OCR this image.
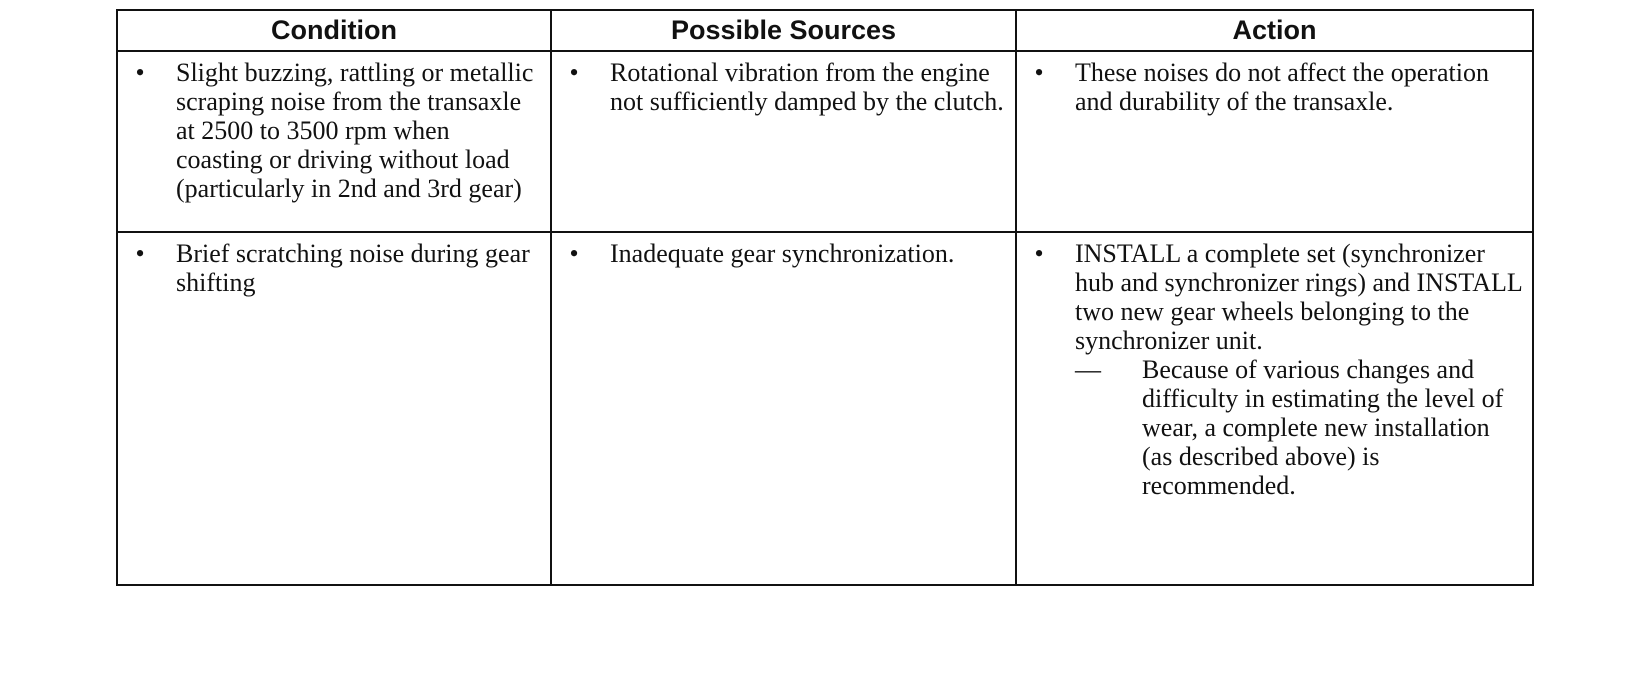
Condition	Possible Sources	Action

• Slight buzzing, rattling or metallic scraping noise from the transaxle at 2500 to 3500 rpm when coasting or driving without load (particularly in 2nd and 3rd gear)	• Rotational vibration from the engine not sufficiently damped by the clutch.	• These noises do not affect the operation and durability of the transaxle.

• Brief scratching noise during gear shifting	• Inadequate gear synchronization.	• INSTALL a complete set (synchronizer hub and synchronizer rings) and INSTALL two new gear wheels belonging to the synchronizer unit.
— Because of various changes and difficulty in estimating the level of wear, a complete new installation (as described above) is recommended.
